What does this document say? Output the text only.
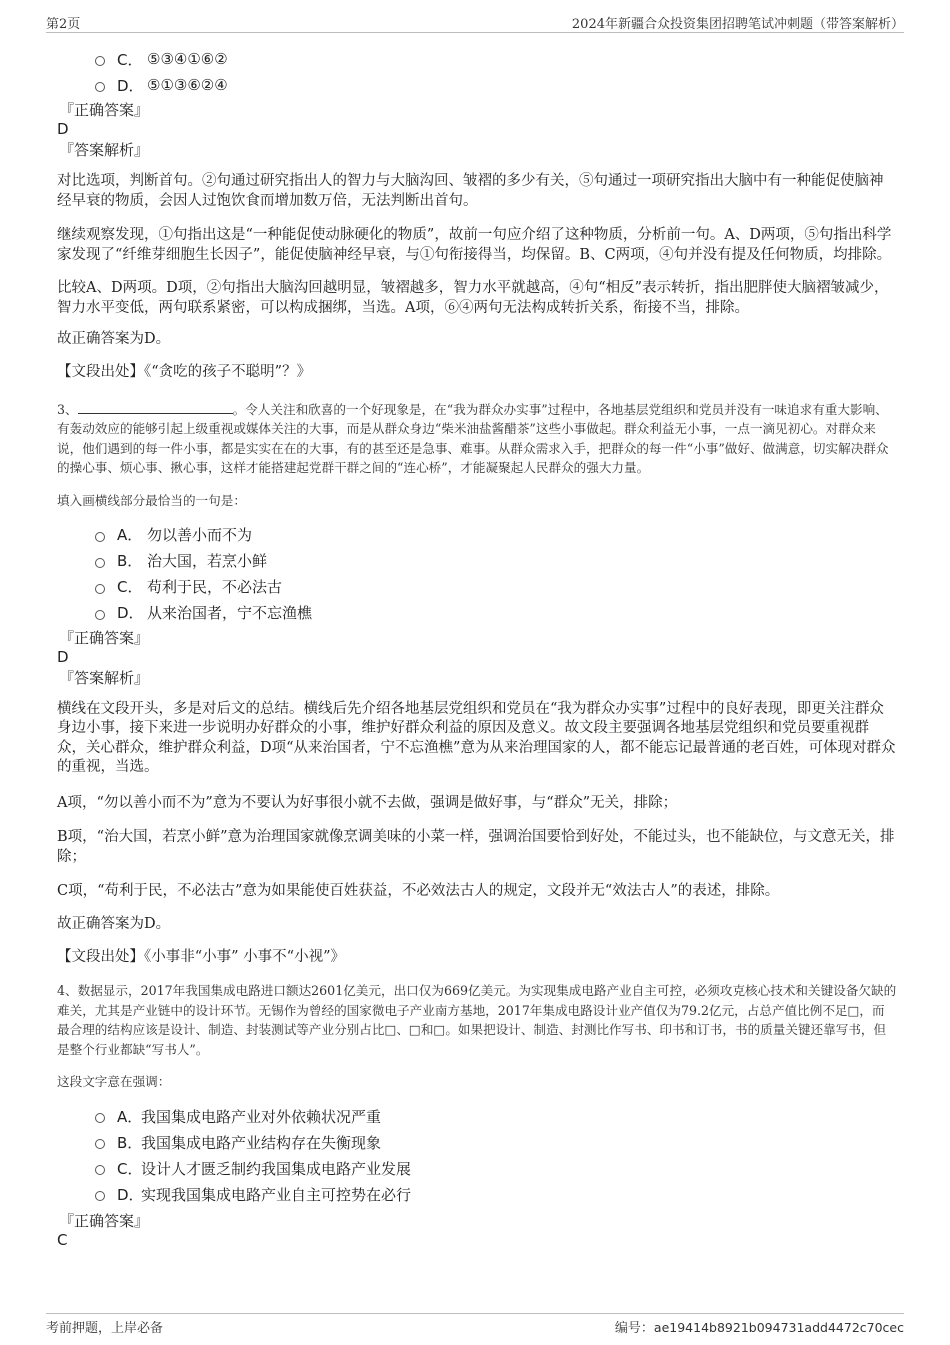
第2页	2024年新疆合众投资集团招聘笔试冲刺题（带答案解析）
C． ⑤③④①⑥②
D． ⑤①③⑥②④
『正确答案』
D
『答案解析』

对比选项，判断首句。②句通过研究指出人的智力与大脑沟回、皱褶的多少有关，⑤句通过一项研究指出大脑中有一种能促使脑神经早衰的物质，会因人过饱饮食而增加数万倍，无法判断出首句。

继续观察发现，①句指出这是“一种能促使动脉硬化的物质”，故前一句应介绍了这种物质，分析前一句。A、D两项，⑤句指出科学家发现了“纤维芽细胞生长因子”，能促使脑神经早衰，与①句衔接得当，均保留。B、C两项，④句并没有提及任何物质，均排除。

比较A、D两项。D项，②句指出大脑沟回越明显，皱褶越多，智力水平就越高，④句“相反”表示转折，指出肥胖使大脑褶皱减少，智力水平变低，两句联系紧密，可以构成捆绑，当选。A项，⑥④两句无法构成转折关系，衔接不当，排除。

故正确答案为D。

【文段出处】《“贪吃的孩子不聪明”？》

3、	。令人关注和欣喜的一个好现象是，在“我为群众办实事”过程中，各地基层党组织和党员并没有一味追求有重大影响、有轰动效应的能够引起上级重视或媒体关注的大事，而是从群众身边“柴米油盐酱醋茶”这些小事做起。群众利益无小事，一点一滴见初心。对群众来说，他们遇到的每一件小事，都是实实在在的大事，有的甚至还是急事、难事。从群众需求入手，把群众的每一件“小事”做好、做满意，切实解决群众的操心事、烦心事、揪心事，这样才能搭建起党群干群之间的“连心桥”，才能凝聚起人民群众的强大力量。

填入画横线部分最恰当的一句是：

A． 勿以善小而不为
B． 治大国，若烹小鲜
C． 苟利于民，不必法古
D． 从来治国者，宁不忘渔樵
『正确答案』
D
『答案解析』

横线在文段开头，多是对后文的总结。横线后先介绍各地基层党组织和党员在“我为群众办实事”过程中的良好表现，即更关注群众身边小事，接下来进一步说明办好群众的小事，维护好群众利益的原因及意义。故文段主要强调各地基层党组织和党员要重视群众，关心群众，维护群众利益，D项“从来治国者，宁不忘渔樵”意为从来治理国家的人，都不能忘记最普通的老百姓，可体现对群众的重视，当选。

A项，“勿以善小而不为”意为不要认为好事很小就不去做，强调是做好事，与“群众”无关，排除；

B项，“治大国，若烹小鲜”意为治理国家就像烹调美味的小菜一样，强调治国要恰到好处，不能过头，也不能缺位，与文意无关，排除；

C项，“苟利于民，不必法古”意为如果能使百姓获益，不必效法古人的规定，文段并无“效法古人”的表述，排除。

故正确答案为D。

【文段出处】《小事非“小事” 小事不“小视”》

4、数据显示，2017年我国集成电路进口额达2601亿美元，出口仅为669亿美元。为实现集成电路产业自主可控，必须攻克核心技术和关键设备欠缺的难关，尤其是产业链中的设计环节。无锡作为曾经的国家微电子产业南方基地，2017年集成电路设计业产值仅为79.2亿元，占总产值比例不足□，而最合理的结构应该是设计、制造、封装测试等产业分别占比□、□和□。如果把设计、制造、封测比作写书、印书和订书，书的质量关键还靠写书，但是整个行业都缺“写书人”。

这段文字意在强调：

A．
我国集成电路产业对外依赖状况严重
B．
我国集成电路产业结构存在失衡现象
C．
设计人才匮乏制约我国集成电路产业发展
D．
实现我国集成电路产业自主可控势在必行
『正确答案』
C
考前押题，上岸必备	编号：ae19414b8921b094731add4472c70cec
